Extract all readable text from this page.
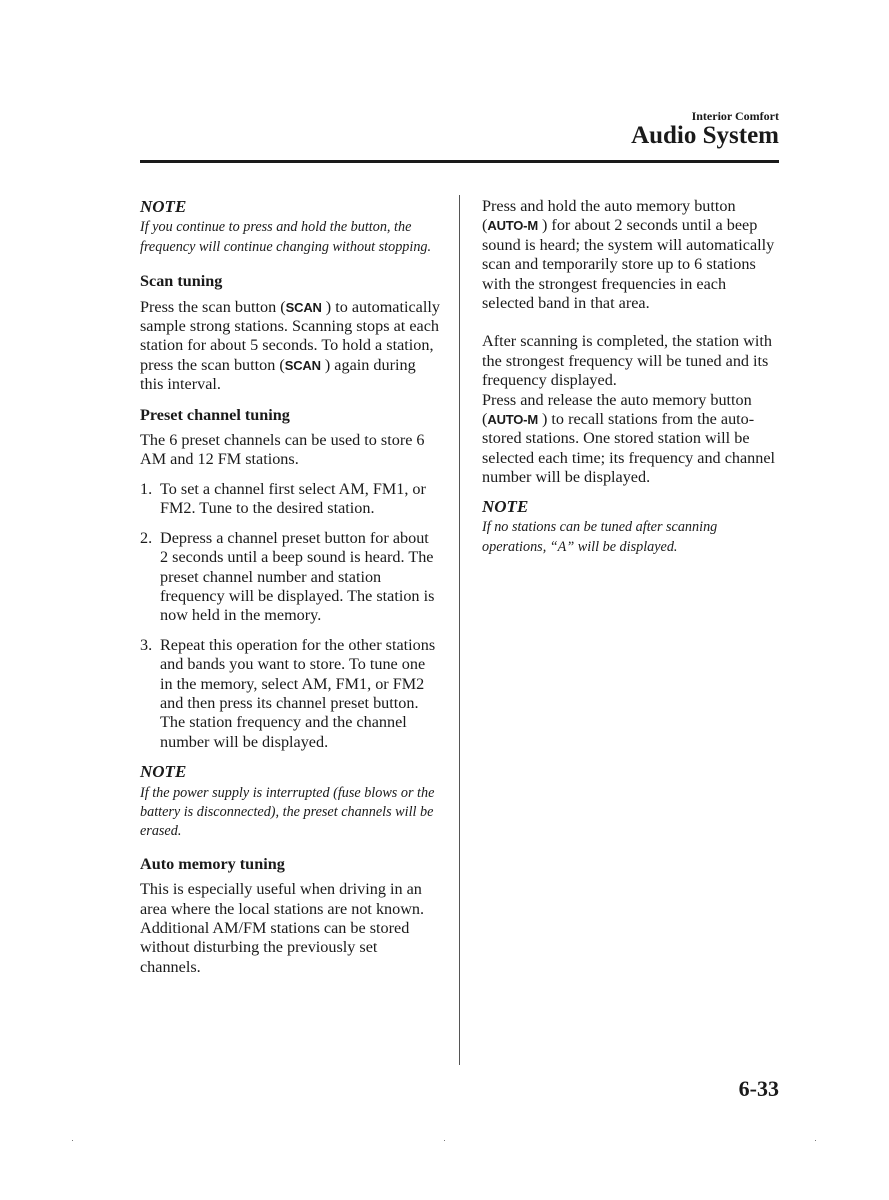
Interior Comfort

Audio System

NOTE

If you continue to press and hold the button, the frequency will continue changing without stopping.

Scan tuning

Press the scan button (SCAN ) to automatically sample strong stations. Scanning stops at each station for about 5 seconds. To hold a station, press the scan button (SCAN ) again during this interval.

Preset channel tuning

The 6 preset channels can be used to store 6 AM and 12 FM stations.

1. To set a channel first select AM, FM1, or FM2. Tune to the desired station.
2. Depress a channel preset button for about 2 seconds until a beep sound is heard. The preset channel number and station frequency will be displayed. The station is now held in the memory.
3. Repeat this operation for the other stations and bands you want to store. To tune one in the memory, select AM, FM1, or FM2 and then press its channel preset button. The station frequency and the channel number will be displayed.

NOTE

If the power supply is interrupted (fuse blows or the battery is disconnected), the preset channels will be erased.

Auto memory tuning

This is especially useful when driving in an area where the local stations are not known. Additional AM/FM stations can be stored without disturbing the previously set channels.

Press and hold the auto memory button (AUTO-M ) for about 2 seconds until a beep sound is heard; the system will automatically scan and temporarily store up to 6 stations with the strongest frequencies in each selected band in that area.

After scanning is completed, the station with the strongest frequency will be tuned and its frequency displayed.

Press and release the auto memory button (AUTO-M ) to recall stations from the auto-stored stations. One stored station will be selected each time; its frequency and channel number will be displayed.

NOTE

If no stations can be tuned after scanning operations, “A” will be displayed.

6-33
